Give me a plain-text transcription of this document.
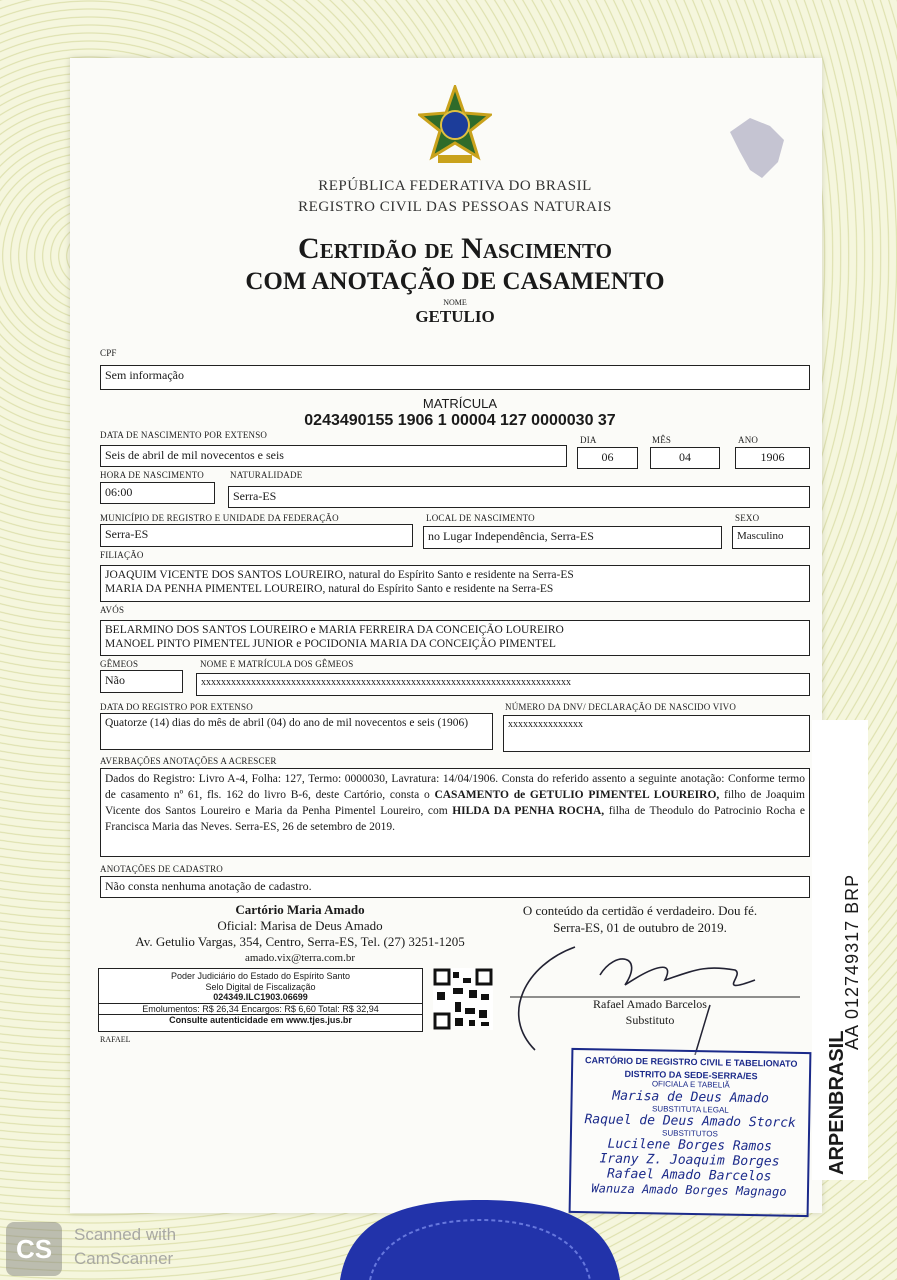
REPÚBLICA FEDERATIVA DO BRASIL
REGISTRO CIVIL DAS PESSOAS NATURAIS
Certidão de Nascimento
COM ANOTAÇÃO DE CASAMENTO
NOME
GETULIO
CPF
Sem informação
MATRÍCULA
0243490155 1906 1 00004 127 0000030 37
DATA DE NASCIMENTO POR EXTENSO
Seis de abril de mil novecentos e seis
DIA
06
MÊS
04
ANO
1906
HORA DE NASCIMENTO
06:00
NATURALIDADE
Serra-ES
MUNICÍPIO DE REGISTRO E UNIDADE DA FEDERAÇÃO
Serra-ES
LOCAL DE NASCIMENTO
no Lugar Independência, Serra-ES
SEXO
Masculino
FILIAÇÃO
JOAQUIM VICENTE DOS SANTOS LOUREIRO, natural do Espírito Santo e residente na Serra-ES
MARIA DA PENHA PIMENTEL LOUREIRO, natural do Espírito Santo e residente na Serra-ES
AVÓS
BELARMINO DOS SANTOS LOUREIRO e MARIA FERREIRA DA CONCEIÇÃO LOUREIRO
MANOEL PINTO PIMENTEL JUNIOR e POCIDONIA MARIA DA CONCEIÇÃO PIMENTEL
GÊMEOS
Não
NOME E MATRÍCULA DOS GÊMEOS
xxxxxxxxxxxxxxxxxxxxxxxxxxxxxxxxxxxxxxxxxxxxxxxxxxxxxxxxxxxxxxxxxxxxxxxxxx
DATA DO REGISTRO POR EXTENSO
Quatorze (14) dias do mês de abril (04) do ano de mil novecentos e seis (1906)
NÚMERO DA DNV/ DECLARAÇÃO DE NASCIDO VIVO
xxxxxxxxxxxxxxx
AVERBAÇÕES ANOTAÇÕES A ACRESCER
Dados do Registro: Livro A-4, Folha: 127, Termo: 0000030, Lavratura: 14/04/1906. Consta do referido assento a seguinte anotação: Conforme termo de casamento nº 61, fls. 162 do livro B-6, deste Cartório, consta o CASAMENTO de GETULIO PIMENTEL LOUREIRO, filho de Joaquim Vicente dos Santos Loureiro e Maria da Penha Pimentel Loureiro, com HILDA DA PENHA ROCHA, filha de Theodulo do Patrocinio Rocha e Francisca Maria das Neves. Serra-ES, 26 de setembro de 2019.
ANOTAÇÕES DE CADASTRO
Não consta nenhuma anotação de cadastro.
Cartório Maria Amado
Oficial: Marisa de Deus Amado
Av. Getulio Vargas, 354, Centro, Serra-ES, Tel. (27) 3251-1205
amado.vix@terra.com.br
Poder Judiciário do Estado do Espírito Santo
Selo Digital de Fiscalização
024349.ILC1903.06699
Emolumentos: R$ 26,34 Encargos: R$ 6,60 Total: R$ 32,94
Consulte autenticidade em www.tjes.jus.br
RAFAEL
O conteúdo da certidão é verdadeiro. Dou fé.
Serra-ES, 01 de outubro de 2019.
Rafael Amado Barcelos
Substituto
CARTÓRIO DE REGISTRO CIVIL E TABELIONATO
DISTRITO DA SEDE-SERRA/ES
OFICIALA E TABELIÃ
Marisa de Deus Amado
SUBSTITUTA LEGAL
Raquel de Deus Amado Storck
SUBSTITUTOS
Lucilene Borges Ramos
Irany Z. Joaquim Borges
Rafael Amado Barcelos
Wanuza Amado Borges Magnago
ARPENBRASIL
AA 012749317 BRP
CS	Scanned with
CamScanner
